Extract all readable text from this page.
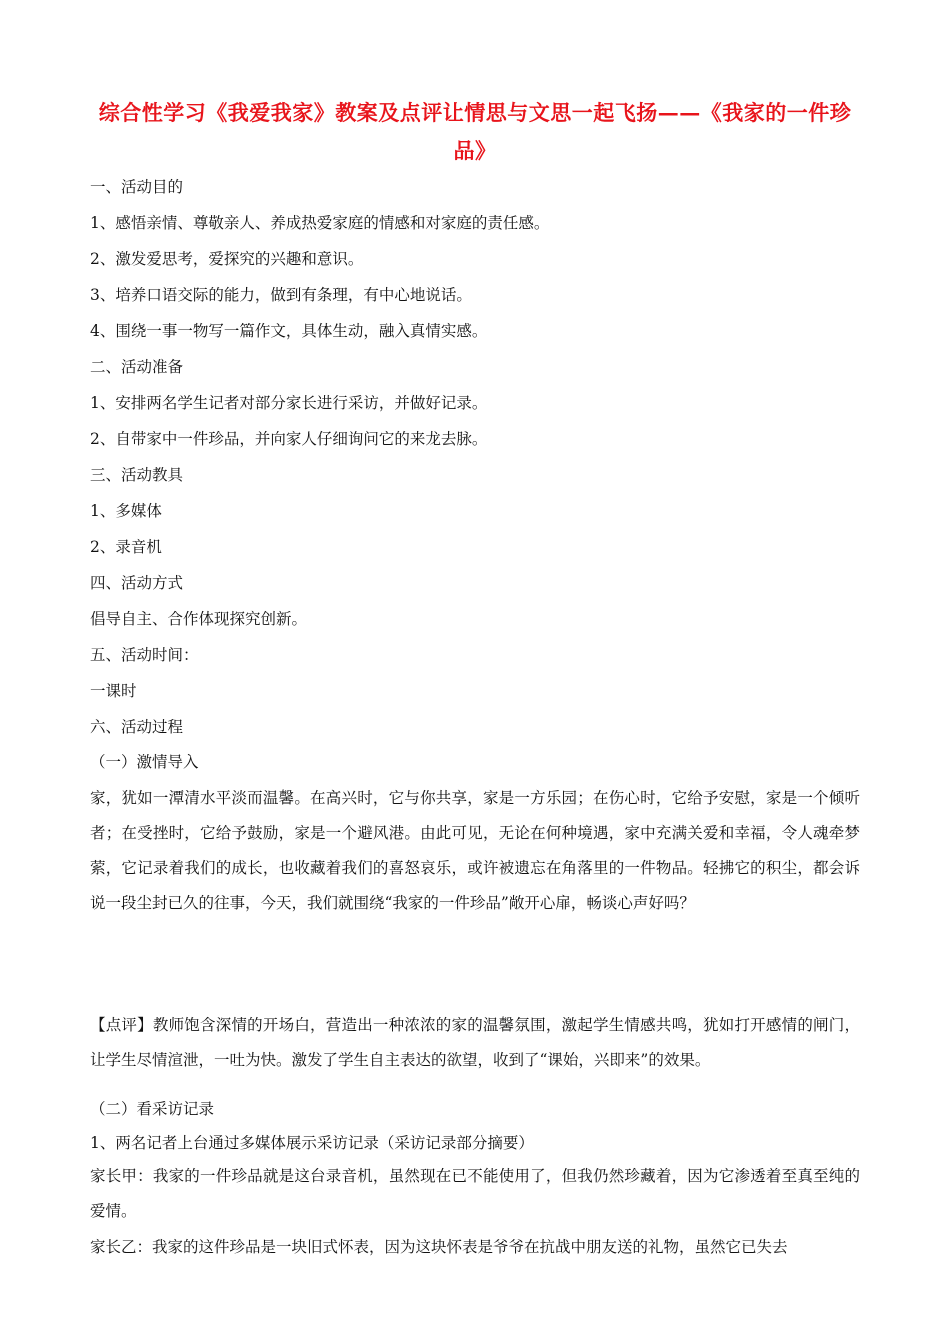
综合性学习《我爱我家》教案及点评让情思与文思一起飞扬——《我家的一件珍品》
一、活动目的
1、感悟亲情、尊敬亲人、养成热爱家庭的情感和对家庭的责任感。
2、激发爱思考，爱探究的兴趣和意识。
3、培养口语交际的能力，做到有条理，有中心地说话。
4、围绕一事一物写一篇作文，具体生动，融入真情实感。
二、活动准备
1、安排两名学生记者对部分家长进行采访，并做好记录。
2、自带家中一件珍品，并向家人仔细询问它的来龙去脉。
三、活动教具
1、多媒体
2、录音机
四、活动方式
倡导自主、合作体现探究创新。
五、活动时间：
一课时
六、活动过程
（一）激情导入
家，犹如一潭清水平淡而温馨。在高兴时，它与你共享，家是一方乐园；在伤心时，它给予安慰，家是一个倾听者；在受挫时，它给予鼓励，家是一个避风港。由此可见，无论在何种境遇，家中充满关爱和幸福，令人魂牵梦萦，它记录着我们的成长，也收藏着我们的喜怒哀乐，或许被遗忘在角落里的一件物品。轻拂它的积尘，都会诉说一段尘封已久的往事，今天，我们就围绕“我家的一件珍品”敞开心扉，畅谈心声好吗？
【点评】教师饱含深情的开场白，营造出一种浓浓的家的温馨氛围，激起学生情感共鸣，犹如打开感情的闸门，让学生尽情渲泄，一吐为快。激发了学生自主表达的欲望，收到了“课始，兴即来”的效果。
（二）看采访记录
1、两名记者上台通过多媒体展示采访记录（采访记录部分摘要）
家长甲：我家的一件珍品就是这台录音机，虽然现在已不能使用了，但我仍然珍藏着，因为它渗透着至真至纯的爱情。
家长乙：我家的这件珍品是一块旧式怀表，因为这块怀表是爷爷在抗战中朋友送的礼物，虽然它已失去
